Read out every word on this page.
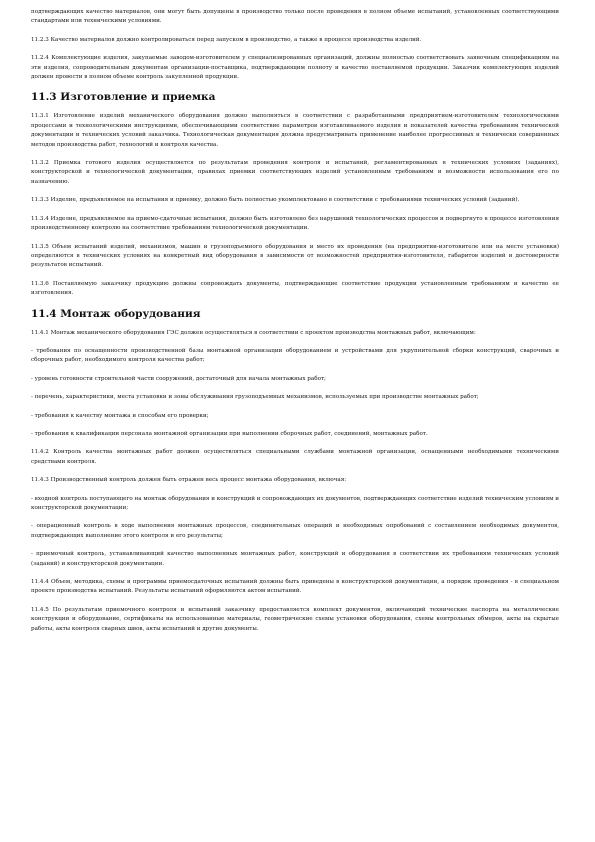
подтверждающих качество материалов, они могут быть допущены в производство только после проведения в полном объеме испытаний, установленных соответствующими стандартами или техническими условиями.

11.2.3 Качество материалов должно контролироваться перед запуском в производство, а также в процессе производства изделий.

11.2.4 Комплектующие изделия, закупаемые заводом-изготовителем у специализированных организаций, должны полностью соответствовать заявочным спецификациям на эти изделия, сопроводительным документам организации-поставщика, подтверждающим полноту и качество поставляемой продукции. Заказчик комплектующих изделий должен провести в полном объеме контроль закупленной продукции.

11.3 Изготовление и приемка

11.3.1 Изготовление изделий механического оборудования должно выполняться в соответствии с разработанными предприятием-изготовителем технологическими процессами и технологическими инструкциями, обеспечивающими соответствие параметров изготавливаемого изделия и показателей качества требованиям технической документации и технических условий заказчика. Технологическая документация должна предусматривать применение наиболее прогрессивных и технически совершенных методов производства работ, технологий и контроля качества.

11.3.2 Приемка готового изделия осуществляется по результатам проведения контроля и испытаний, регламентированных в технических условиях (заданиях), конструкторской и технологической документации, правилах приемки соответствующих изделий установленным требованиям и возможности использования его по назначению.

11.3.3 Изделие, предъявляемое на испытания и приемку, должно быть полностью укомплектовано в соответствии с требованиями технических условий (заданий).

11.3.4 Изделие, предъявляемое на приемо-сдаточные испытания, должно быть изготовлено без нарушений технологических процессов и подвергнуто в процессе изготовления производственному контролю на соответствие требованиям технологической документации.

11.3.5 Объем испытаний изделий, механизмов, машин и грузоподъемного оборудования и место их проведения (на предприятии-изготовителе или на месте установки) определяются в технических условиях на конкретный вид оборудования в зависимости от возможностей предприятия-изготовителя, габаритов изделий и достоверности результатов испытаний.

11.3.6 Поставляемую заказчику продукцию должны сопровождать документы, подтверждающие соответствие продукции установленным требованиям и качество ее изготовления.

11.4 Монтаж оборудования

11.4.1 Монтаж механического оборудования ГЭС должен осуществляться в соответствии с проектом производства монтажных работ, включающим:

- требования по оснащенности производственной базы монтажной организации оборудованием и устройствами для укрупнительной сборки конструкций, сварочных и сборочных работ, необходимого контроля качества работ;

- уровень готовности строительной части сооружений, достаточный для начала монтажных работ;

- перечень, характеристики, места установки и зоны обслуживания грузоподъемных механизмов, используемых при производстве монтажных работ;

- требования к качеству монтажа и способам его проверки;

- требования к квалификации персонала монтажной организации при выполнении сборочных работ, соединений, монтажных работ.

11.4.2 Контроль качества монтажных работ должен осуществляться специальными службами монтажной организации, оснащенными необходимыми техническими средствами контроля.

11.4.3 Производственный контроль должен быть отражен весь процесс монтажа оборудования, включая:

- входной контроль поступающего на монтаж оборудования и конструкций и сопровождающих их документов, подтверждающих соответствие изделий техническим условиям и конструкторской документации;

- операционный контроль в ходе выполнения монтажных процессов, соединительных операций и необходимых опробований с составлением необходимых документов, подтверждающих выполнение этого контроля и его результаты;

- приемочный контроль, устанавливающий качество выполненных монтажных работ, конструкций и оборудования в соответствии их требованиям технических условий (заданий) и конструкторской документации.

11.4.4 Объем, методика, схемы и программы приемосдаточных испытаний должны быть приведены в конструкторской документации, а порядок проведения - в специальном проекте производства испытаний. Результаты испытаний оформляются актом испытаний.

11.4.5 По результатам приемочного контроля и испытаний заказчику предоставляется комплект документов, включающий технические паспорта на металлические конструкции и оборудование, сертификаты на использованные материалы, геометрические схемы установки оборудования, схемы контрольных обмеров, акты на скрытые работы, акты контроля сварных швов, акты испытаний и другие документы.
